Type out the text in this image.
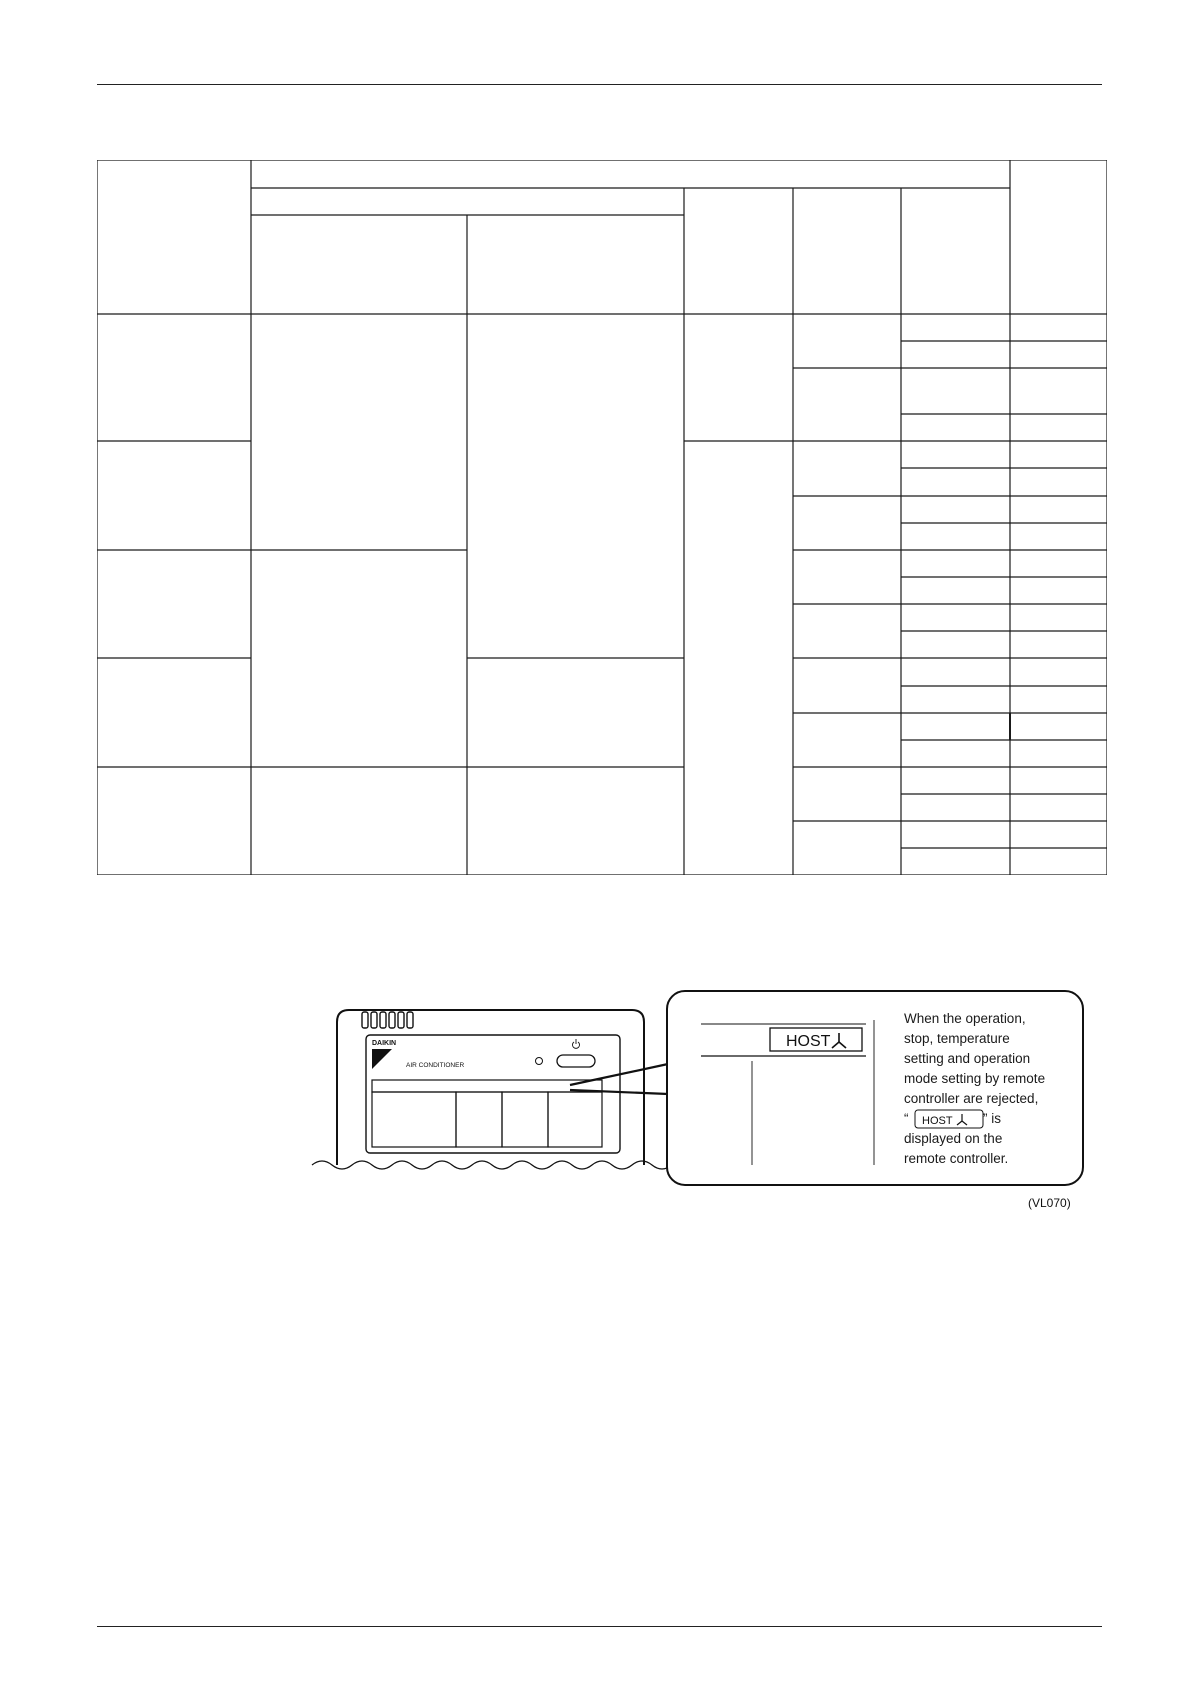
DAIKIN
AIR CONDITIONER
HOST
When the operation,
stop, temperature
setting and operation
mode setting by remote
controller are rejected,
“ HOST ” is
displayed on the
remote controller.
(VL070)
